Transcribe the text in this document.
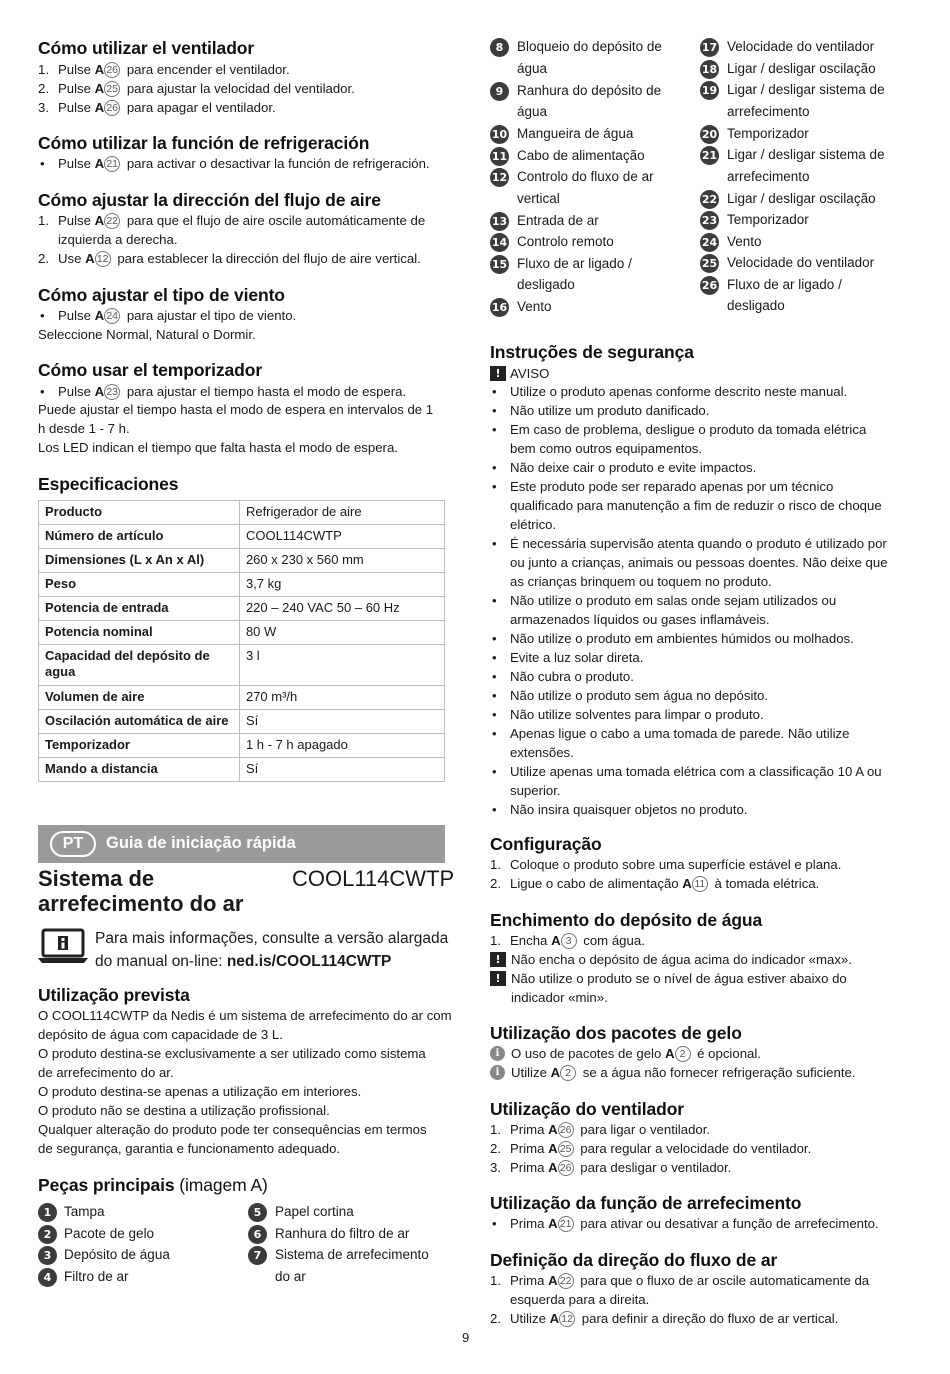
Cómo utilizar el ventilador
1. Pulse A 26 para encender el ventilador.
2. Pulse A 25 para ajustar la velocidad del ventilador.
3. Pulse A 26 para apagar el ventilador.
Cómo utilizar la función de refrigeración
• Pulse A 21 para activar o desactivar la función de refrigeración.
Cómo ajustar la dirección del flujo de aire
1. Pulse A 22 para que el flujo de aire oscile automáticamente de
izquierda a derecha.
2. Use A 12 para establecer la dirección del flujo de aire vertical.
Cómo ajustar el tipo de viento
• Pulse A 24 para ajustar el tipo de viento.
Seleccione Normal, Natural o Dormir.
Cómo usar el temporizador
• Pulse A 23 para ajustar el tiempo hasta el modo de espera.
Puede ajustar el tiempo hasta el modo de espera en intervalos de 1
h desde 1 - 7 h.
Los LED indican el tiempo que falta hasta el modo de espera.
Especificaciones
Producto	Refrigerador de aire
Número de artículo	COOL114CWTP
Dimensiones (L x An x Al)	260 x 230 x 560 mm
Peso	3,7 kg
Potencia de entrada	220 – 240 VAC 50 – 60 Hz
Potencia nominal	80 W
Capacidad del depósito de agua	3 l
Volumen de aire	270 m³/h
Oscilación automática de aire	Sí
Temporizador	1 h - 7 h apagado
Mando a distancia	Sí
PT	Guia de iniciação rápida
Sistema de
arrefecimento do ar
COOL114CWTP
Para mais informações, consulte a versão alargada
do manual on-line: ned.is/COOL114CWTP
Utilização prevista
O COOL114CWTP da Nedis é um sistema de arrefecimento do ar com
depósito de água com capacidade de 3 L.
O produto destina-se exclusivamente a ser utilizado como sistema
de arrefecimento do ar.
O produto destina-se apenas a utilização em interiores.
O produto não se destina a utilização profissional.
Qualquer alteração do produto pode ter consequências em termos
de segurança, garantia e funcionamento adequado.
Peças principais (imagem A)
1 Tampa
2 Pacote de gelo
3 Depósito de água
4 Filtro de ar
5	Papel cortina
6	Ranhura do filtro de ar
7	Sistema de arrefecimento
do ar
8	Bloqueio do depósito de
água
9	Ranhura do depósito de
água
10 Mangueira de água
11 Cabo de alimentação
12 Controlo do fluxo de ar
vertical
13 Entrada de ar
14 Controlo remoto
15 Fluxo de ar ligado /
desligado
16 Vento
17 Velocidade do ventilador
18 Ligar / desligar oscilação
19 Ligar / desligar sistema de
arrefecimento
20 Temporizador
21 Ligar / desligar sistema de
arrefecimento
22 Ligar / desligar oscilação
23 Temporizador
24 Vento
25 Velocidade do ventilador
26 Fluxo de ar ligado /
desligado
Instruções de segurança
!
AVISO
• Utilize o produto apenas conforme descrito neste manual.
• Não utilize um produto danificado.
• Em caso de problema, desligue o produto da tomada elétrica
bem como outros equipamentos.
• Não deixe cair o produto e evite impactos.
• Este produto pode ser reparado apenas por um técnico
qualificado para manutenção a fim de reduzir o risco de choque
elétrico.
• É necessária supervisão atenta quando o produto é utilizado por
ou junto a crianças, animais ou pessoas doentes. Não deixe que
as crianças brinquem ou toquem no produto.
• Não utilize o produto em salas onde sejam utilizados ou
armazenados líquidos ou gases inflamáveis.
• Não utilize o produto em ambientes húmidos ou molhados.
• Evite a luz solar direta.
• Não cubra o produto.
• Não utilize o produto sem água no depósito.
• Não utilize solventes para limpar o produto.
• Apenas ligue o cabo a uma tomada de parede. Não utilize
extensões.
• Utilize apenas uma tomada elétrica com a classificação 10 A ou
superior.
• Não insira quaisquer objetos no produto.
Configuração
1. Coloque o produto sobre uma superfície estável e plana.
2. Ligue o cabo de alimentação A 11 à tomada elétrica.
Enchimento do depósito de água
1. Encha A 3 com água.
!
Não encha o depósito de água acima do indicador «max».
!
Não utilize o produto se o nível de água estiver abaixo do
indicador «min».
Utilização dos pacotes de gelo
i O uso de pacotes de gelo A 2 é opcional.
i Utilize A 2 se a água não fornecer refrigeração suficiente.
Utilização do ventilador
1. Prima A 26 para ligar o ventilador.
2. Prima A 25 para regular a velocidade do ventilador.
3. Prima A 26 para desligar o ventilador.
Utilização da função de arrefecimento
• Prima A 21 para ativar ou desativar a função de arrefecimento.
Definição da direção do fluxo de ar
1. Prima A 22 para que o fluxo de ar oscile automaticamente da
esquerda para a direita.
2. Utilize A 12 para definir a direção do fluxo de ar vertical.
9
